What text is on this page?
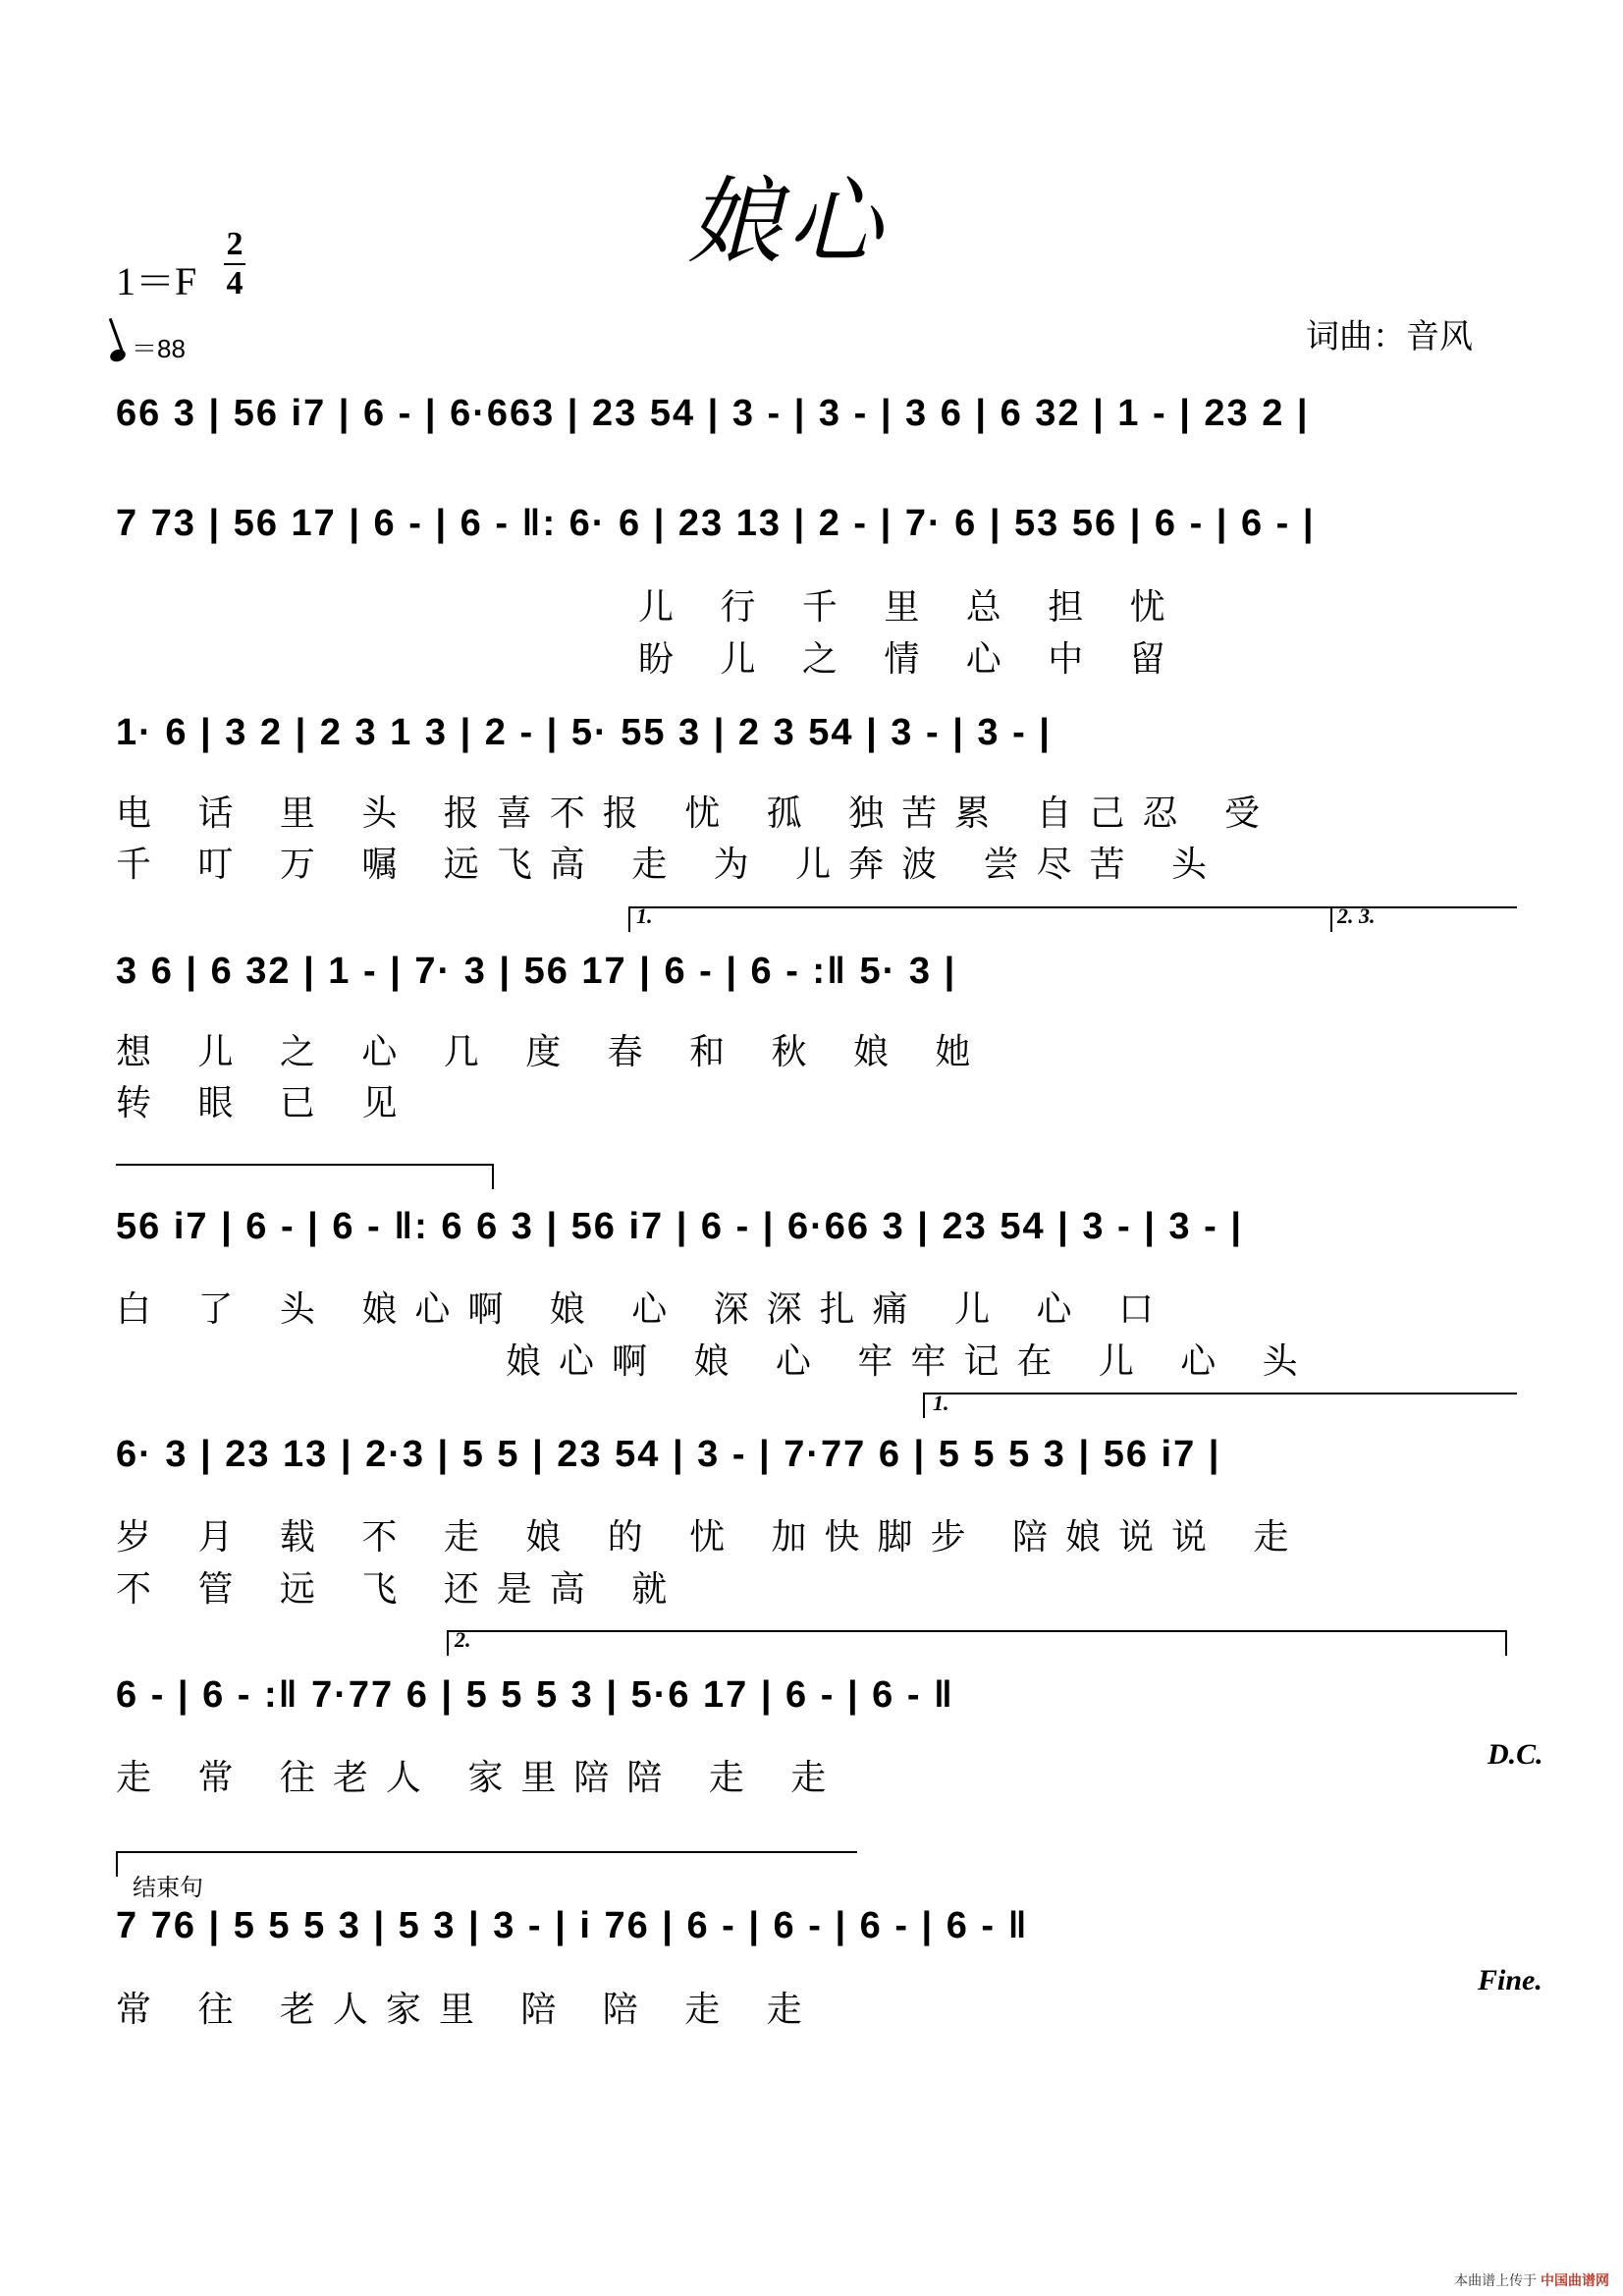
娘心
1＝F
2
4
＝88	词曲：音风
66 3 | 56 i7 | 6 - | 6·663 | 23 54 | 3 - | 3 - | 3 6 | 6 32 | 1 - | 23 2 |
7 73 | 56 17 | 6 - | 6 - ‖: 6· 6 | 23 13 | 2 - | 7· 6 | 53 56 | 6 - | 6 - |
儿 行 千 里 总 担 忧
盼 儿 之 情 心 中 留
1· 6 | 3 2 | 2 3 1 3 | 2 - | 5· 55 3 | 2 3 54 | 3 - | 3 - |
电 话 里 头 报喜不报 忧 孤 独苦累 自己忍 受
千 叮 万 嘱 远飞高 走 为 儿奔波 尝尽苦 头
1.	2. 3.
3 6 | 6 32 | 1 - | 7· 3 | 56 17 | 6 - | 6 - :‖ 5· 3 |
想 儿 之 心 几 度 春 和 秋 娘 她
转 眼 已 见
56 i7 | 6 - | 6 - ‖: 6 6 3 | 56 i7 | 6 - | 6·66 3 | 23 54 | 3 - | 3 - |
白 了 头 娘心啊 娘 心 深深扎痛 儿 心 口
娘心啊 娘 心 牢牢记在 儿 心 头
1.
6· 3 | 23 13 | 2·3 | 5 5 | 23 54 | 3 - | 7·77 6 | 5 5 5 3 | 56 i7 |
岁 月 载 不 走 娘 的 忧 加快脚步 陪娘说说 走
不 管 远 飞 还是高 就
2.
6 - | 6 - :‖ 7·77 6 | 5 5 5 3 | 5·6 17 | 6 - | 6 - ‖
走 常 往老人 家里陪陪 走 走
D.C.
结束句
7 76 | 5 5 5 3 | 5 3 | 3 - | i 76 | 6 - | 6 - | 6 - | 6 - ‖
常 往 老人家里 陪 陪 走 走
Fine.
本曲谱上传于 中国曲谱网
